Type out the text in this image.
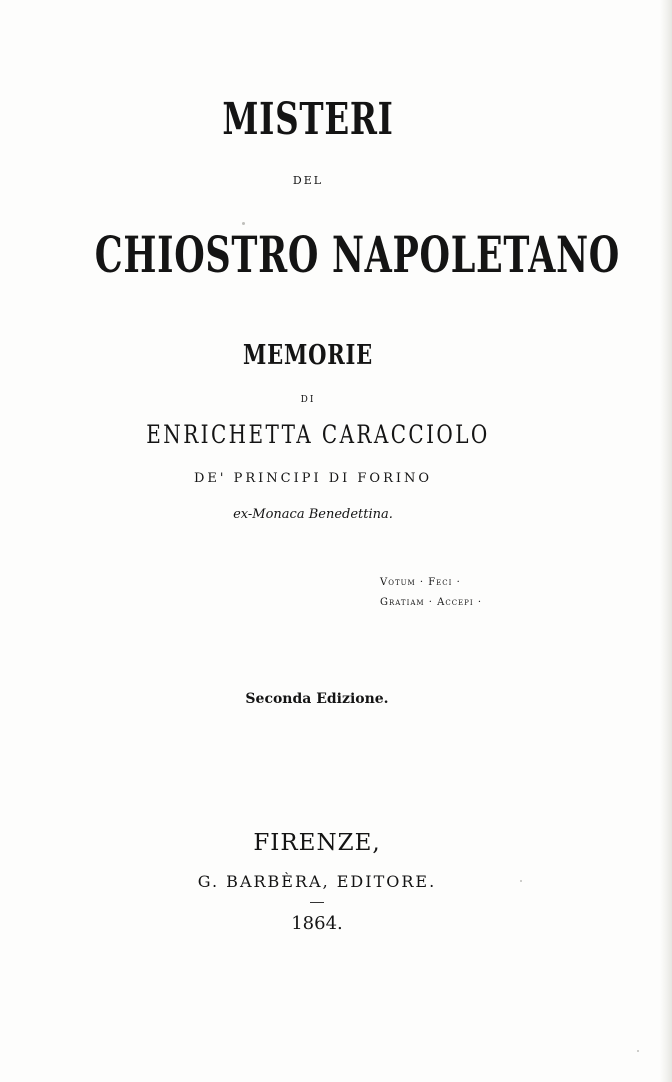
MISTERI
DEL
CHIOSTRO NAPOLETANO
MEMORIE
DI
ENRICHETTA CARACCIOLO
DE' PRINCIPI DI FORINO
ex-Monaca Benedettina.
Votum · Feci ·
Gratiam · Accepi ·
Seconda Edizione.
FIRENZE,
G. BARBÈRA, EDITORE.
1864.
